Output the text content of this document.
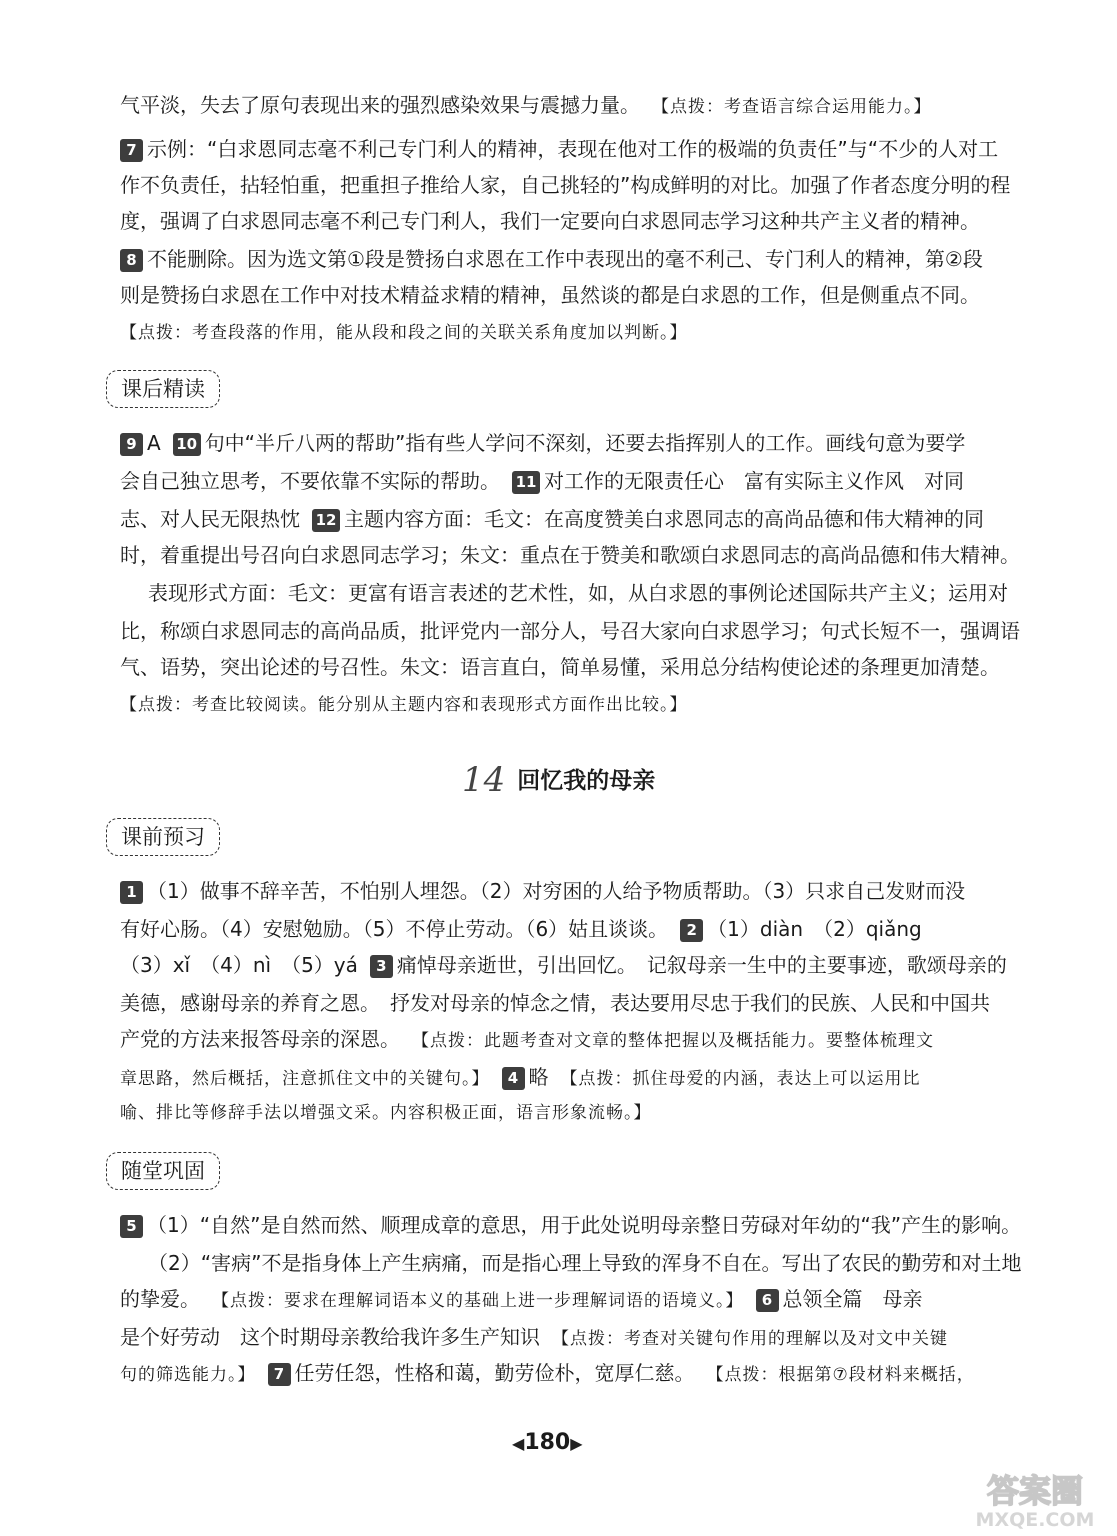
气平淡，失去了原句表现出来的强烈感染效果与震撼力量。 【点拨：考查语言综合运用能力。】
7 示例：“白求恩同志毫不利己专门利人的精神，表现在他对工作的极端的负责任”与“不少的人对工
作不负责任，拈轻怕重，把重担子推给人家，自己挑轻的”构成鲜明的对比。加强了作者态度分明的程
度，强调了白求恩同志毫不利己专门利人，我们一定要向白求恩同志学习这种共产主义者的精神。
8 不能删除。因为选文第①段是赞扬白求恩在工作中表现出的毫不利己、专门利人的精神，第②段
则是赞扬白求恩在工作中对技术精益求精的精神，虽然谈的都是白求恩的工作，但是侧重点不同。
【点拨：考查段落的作用，能从段和段之间的关联关系角度加以判断。】
课后精读
9 A 10 句中“半斤八两的帮助”指有些人学问不深刻，还要去指挥别人的工作。画线句意为要学
会自己独立思考，不要依靠不实际的帮助。 11 对工作的无限责任心　富有实际主义作风　对同
志、对人民无限热忱 12 主题内容方面：毛文：在高度赞美白求恩同志的高尚品德和伟大精神的同
时，着重提出号召向白求恩同志学习；朱文：重点在于赞美和歌颂白求恩同志的高尚品德和伟大精神。
表现形式方面：毛文：更富有语言表述的艺术性，如，从白求恩的事例论述国际共产主义；运用对
比，称颂白求恩同志的高尚品质，批评党内一部分人，号召大家向白求恩学习；句式长短不一，强调语
气、语势，突出论述的号召性。朱文：语言直白，简单易懂，采用总分结构使论述的条理更加清楚。
【点拨：考查比较阅读。能分别从主题内容和表现形式方面作出比较。】
14 回忆我的母亲
课前预习
1 （1）做事不辞辛苦，不怕别人埋怨。（2）对穷困的人给予物质帮助。（3）只求自己发财而没
有好心肠。（4）安慰勉励。（5）不停止劳动。（6）姑且谈谈。 2 （1）diàn　（2）qiǎng
（3）xǐ　（4）nì　（5）yá 3 痛悼母亲逝世，引出回忆。　记叙母亲一生中的主要事迹，歌颂母亲的
美德，感谢母亲的养育之恩。　抒发对母亲的悼念之情，表达要用尽忠于我们的民族、人民和中国共
产党的方法来报答母亲的深恩。 【点拨：此题考查对文章的整体把握以及概括能力。要整体梳理文
章思路，然后概括，注意抓住文中的关键句。】 4 略 【点拨：抓住母爱的内涵，表达上可以运用比
喻、排比等修辞手法以增强文采。内容积极正面，语言形象流畅。】
随堂巩固
5 （1）“自然”是自然而然、顺理成章的意思，用于此处说明母亲整日劳碌对年幼的“我”产生的影响。
（2）“害病”不是指身体上产生病痛，而是指心理上导致的浑身不自在。写出了农民的勤劳和对土地
的挚爱。 【点拨：要求在理解词语本义的基础上进一步理解词语的语境义。】 6 总领全篇　母亲
是个好劳动　这个时期母亲教给我许多生产知识 【点拨：考查对关键句作用的理解以及对文中关键
句的筛选能力。】 7 任劳任怨，性格和蔼，勤劳俭朴，宽厚仁慈。 【点拨：根据第⑦段材料来概括，
◀180▶
答案圈
MXQE.COM
